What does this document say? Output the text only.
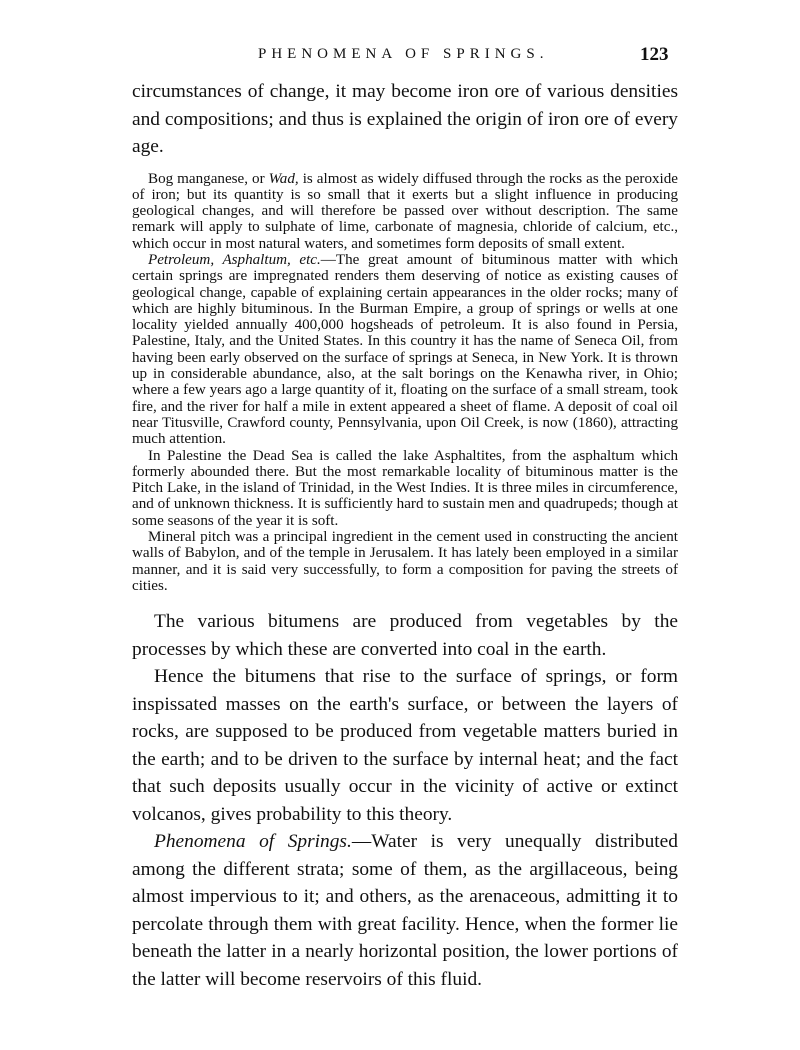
PHENOMENA OF SPRINGS.	123

circumstances of change, it may become iron ore of various densities and compositions; and thus is explained the origin of iron ore of every age.

Bog manganese, or Wad, is almost as widely diffused through the rocks as the peroxide of iron; but its quantity is so small that it exerts but a slight influence in producing geological changes, and will therefore be passed over without description. The same remark will apply to sulphate of lime, carbonate of magnesia, chloride of calcium, etc., which occur in most natural waters, and sometimes form deposits of small extent.

Petroleum, Asphaltum, etc.—The great amount of bituminous matter with which certain springs are impregnated renders them deserving of notice as existing causes of geological change, capable of explaining certain appearances in the older rocks; many of which are highly bituminous. In the Burman Empire, a group of springs or wells at one locality yielded annually 400,000 hogsheads of petroleum. It is also found in Persia, Palestine, Italy, and the United States. In this country it has the name of Seneca Oil, from having been early observed on the surface of springs at Seneca, in New York. It is thrown up in considerable abundance, also, at the salt borings on the Kenawha river, in Ohio; where a few years ago a large quantity of it, floating on the surface of a small stream, took fire, and the river for half a mile in extent appeared a sheet of flame. A deposit of coal oil near Titusville, Crawford county, Pennsylvania, upon Oil Creek, is now (1860), attracting much attention.

In Palestine the Dead Sea is called the lake Asphaltites, from the asphaltum which formerly abounded there. But the most remarkable locality of bituminous matter is the Pitch Lake, in the island of Trinidad, in the West Indies. It is three miles in circumference, and of unknown thickness. It is sufficiently hard to sustain men and quadrupeds; though at some seasons of the year it is soft.

Mineral pitch was a principal ingredient in the cement used in constructing the ancient walls of Babylon, and of the temple in Jerusalem. It has lately been employed in a similar manner, and it is said very successfully, to form a composition for paving the streets of cities.

The various bitumens are produced from vegetables by the processes by which these are converted into coal in the earth.

Hence the bitumens that rise to the surface of springs, or form inspissated masses on the earth's surface, or between the layers of rocks, are supposed to be produced from vegetable matters buried in the earth; and to be driven to the surface by internal heat; and the fact that such deposits usually occur in the vicinity of active or extinct volcanos, gives probability to this theory.

Phenomena of Springs.—Water is very unequally distributed among the different strata; some of them, as the argillaceous, being almost impervious to it; and others, as the arenaceous, admitting it to percolate through them with great facility. Hence, when the former lie beneath the latter in a nearly horizontal position, the lower portions of the latter will become reservoirs of this fluid.
